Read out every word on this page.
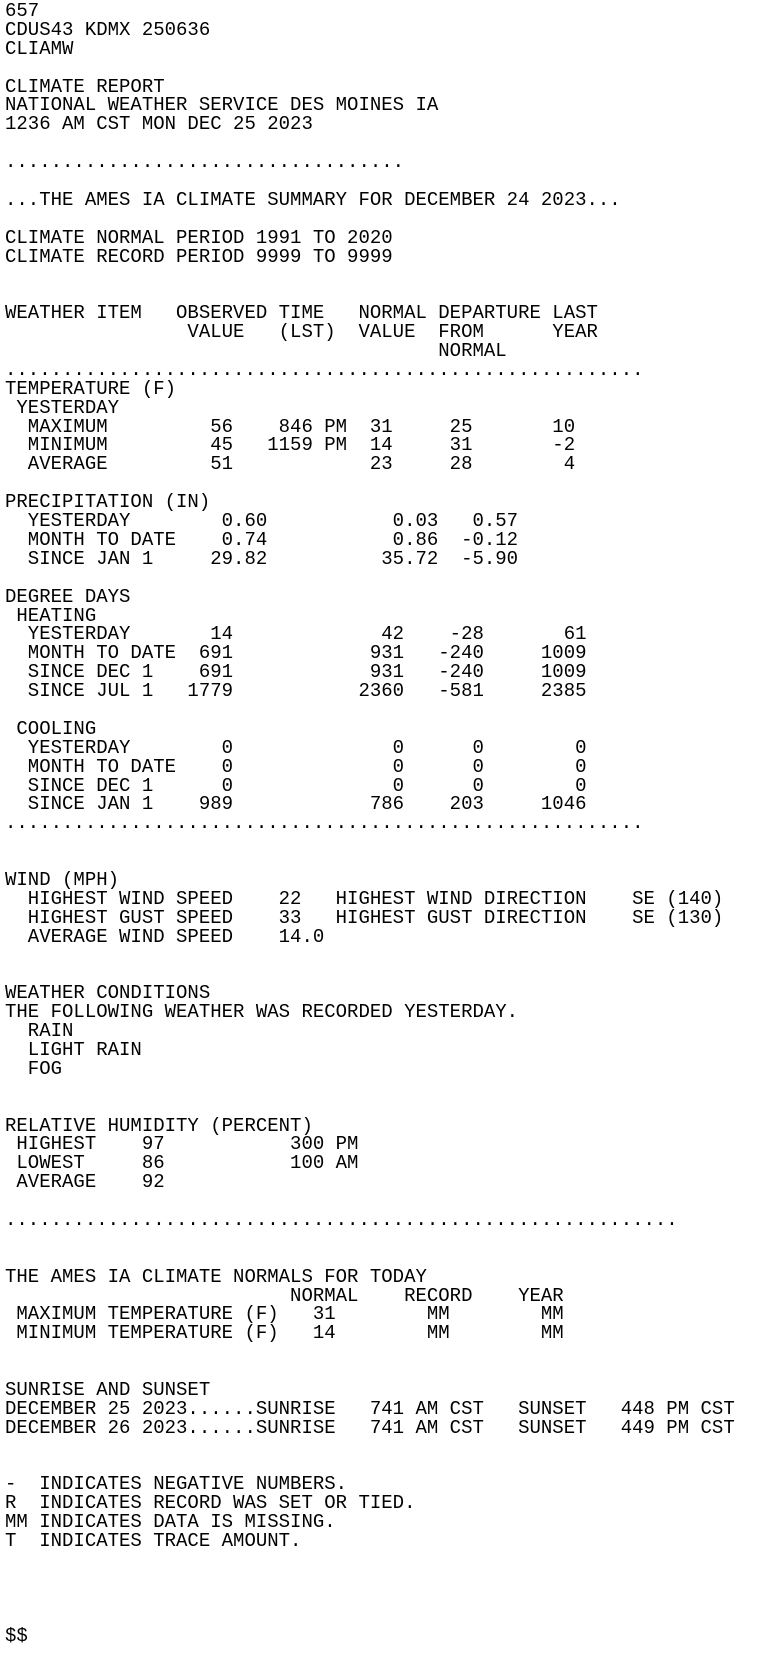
657
CDUS43 KDMX 250636
CLIAMW
CLIMATE REPORT
NATIONAL WEATHER SERVICE DES MOINES IA
1236 AM CST MON DEC 25 2023
...................................
...THE AMES IA CLIMATE SUMMARY FOR DECEMBER 24 2023...
CLIMATE NORMAL PERIOD 1991 TO 2020
CLIMATE RECORD PERIOD 9999 TO 9999
WEATHER ITEM   OBSERVED TIME   NORMAL DEPARTURE LAST
VALUE   (LST)  VALUE  FROM      YEAR
NORMAL
........................................................
TEMPERATURE (F)
YESTERDAY
MAXIMUM         56    846 PM  31     25       10
MINIMUM         45   1159 PM  14     31       -2
AVERAGE         51            23     28        4
PRECIPITATION (IN)
YESTERDAY        0.60           0.03   0.57
MONTH TO DATE    0.74           0.86  -0.12
SINCE JAN 1     29.82          35.72  -5.90
DEGREE DAYS
HEATING
YESTERDAY       14             42    -28       61
MONTH TO DATE  691            931   -240     1009
SINCE DEC 1    691            931   -240     1009
SINCE JUL 1   1779           2360   -581     2385
COOLING
YESTERDAY        0              0      0        0
MONTH TO DATE    0              0      0        0
SINCE DEC 1      0              0      0        0
SINCE JAN 1    989            786    203     1046
........................................................
WIND (MPH)
HIGHEST WIND SPEED    22   HIGHEST WIND DIRECTION    SE (140)
HIGHEST GUST SPEED    33   HIGHEST GUST DIRECTION    SE (130)
AVERAGE WIND SPEED    14.0
WEATHER CONDITIONS
THE FOLLOWING WEATHER WAS RECORDED YESTERDAY.
RAIN
LIGHT RAIN
FOG
RELATIVE HUMIDITY (PERCENT)
HIGHEST    97           300 PM
LOWEST     86           100 AM
AVERAGE    92
...........................................................
THE AMES IA CLIMATE NORMALS FOR TODAY
NORMAL    RECORD    YEAR
MAXIMUM TEMPERATURE (F)   31        MM        MM
MINIMUM TEMPERATURE (F)   14        MM        MM
SUNRISE AND SUNSET
DECEMBER 25 2023......SUNRISE   741 AM CST   SUNSET   448 PM CST
DECEMBER 26 2023......SUNRISE   741 AM CST   SUNSET   449 PM CST
-  INDICATES NEGATIVE NUMBERS.
R  INDICATES RECORD WAS SET OR TIED.
MM INDICATES DATA IS MISSING.
T  INDICATES TRACE AMOUNT.
$$
